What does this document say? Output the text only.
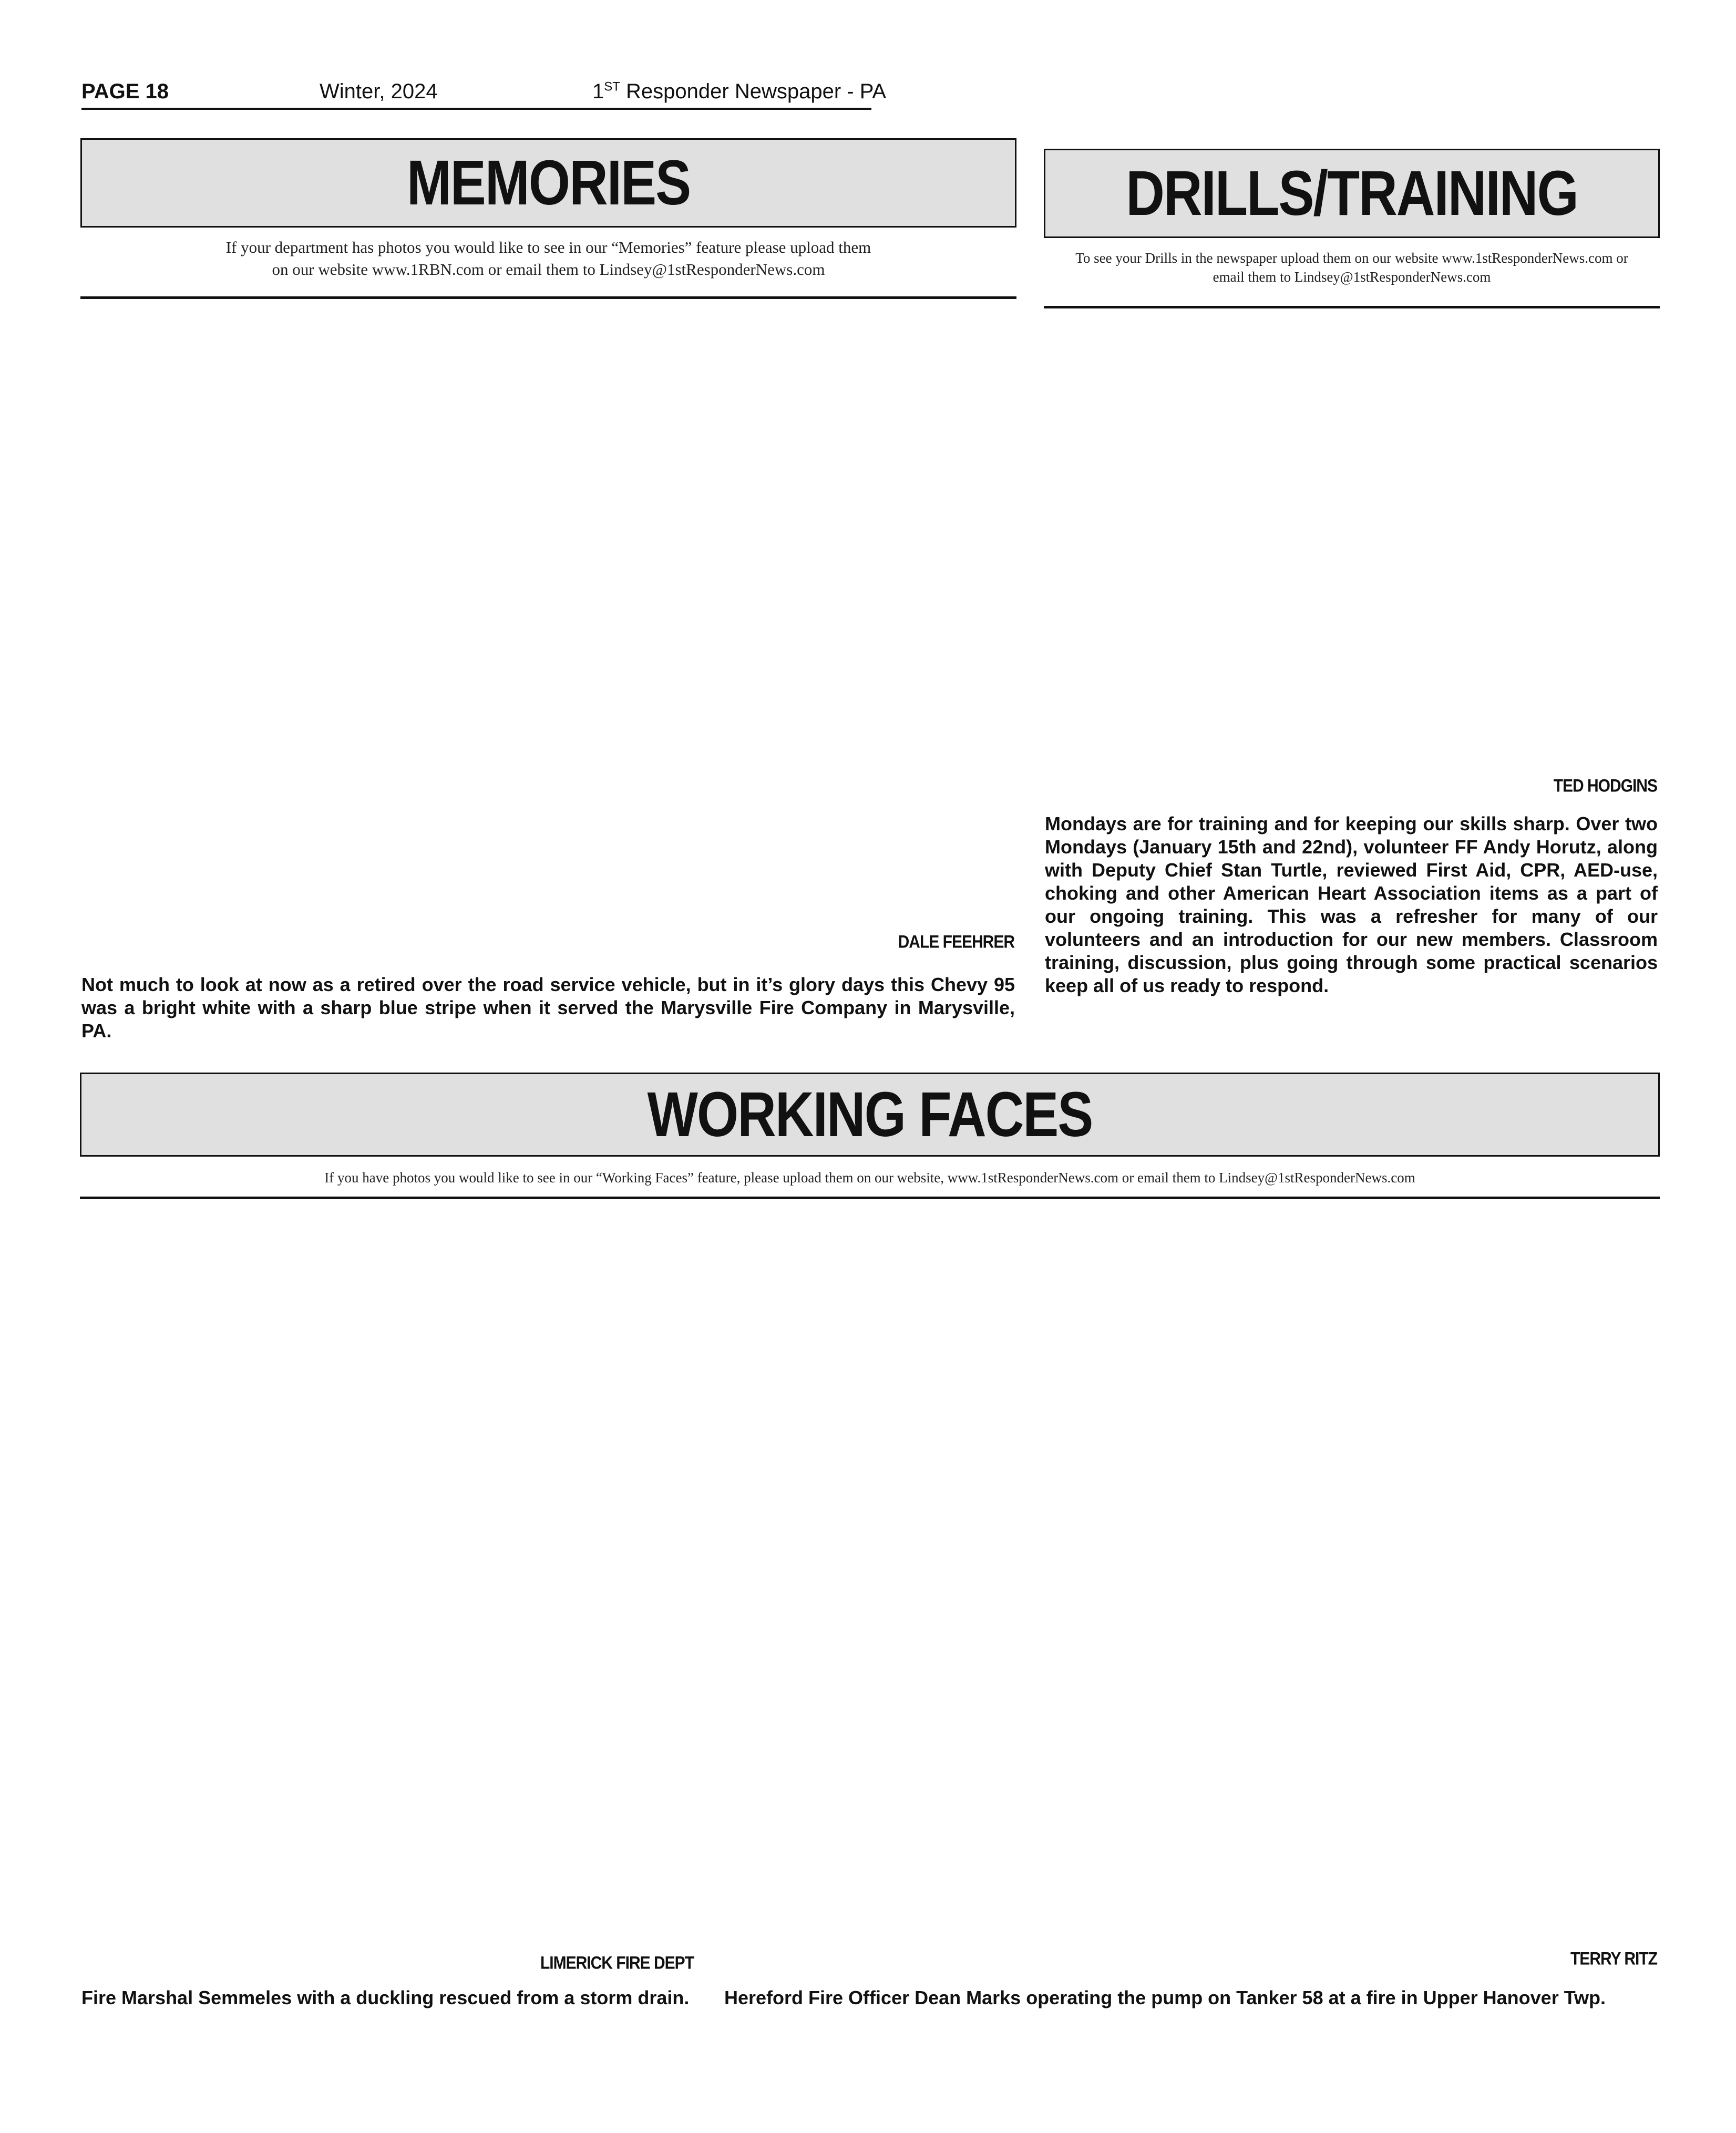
PAGE 18	Winter, 2024	1ST Responder Newspaper - PA
MEMORIES
If your department has photos you would like to see in our “Memories” feature please upload them
on our website www.1RBN.com or email them to Lindsey@1stResponderNews.com
DALE FEEHRER
Not much to look at now as a retired over the road service vehicle, but in it’s glory days this Chevy 95 was a bright white with a sharp blue stripe when it served the Marysville Fire Company in Marysville, PA.
DRILLS/TRAINING
To see your Drills in the newspaper upload them on our website www.1stResponderNews.com or
email them to Lindsey@1stResponderNews.com
TED HODGINS
Mondays are for training and for keeping our skills sharp. Over two Mondays (January 15th and 22nd), volunteer FF Andy Horutz, along with Deputy Chief Stan Turtle, reviewed First Aid, CPR, AED-use, choking and other American Heart Association items as a part of our ongoing training. This was a refresher for many of our volunteers and an introduction for our new members. Classroom training, discussion, plus going through some practical scenarios keep all of us ready to respond.
WORKING FACES
If you have photos you would like to see in our “Working Faces” feature, please upload them on our website, www.1stResponderNews.com or email them to Lindsey@1stResponderNews.com
LIMERICK FIRE DEPT	TERRY RITZ
Fire Marshal Semmeles with a duckling rescued from a storm drain. Hereford Fire Officer Dean Marks operating the pump on Tanker 58 at a fire in Upper Hanover Twp.
